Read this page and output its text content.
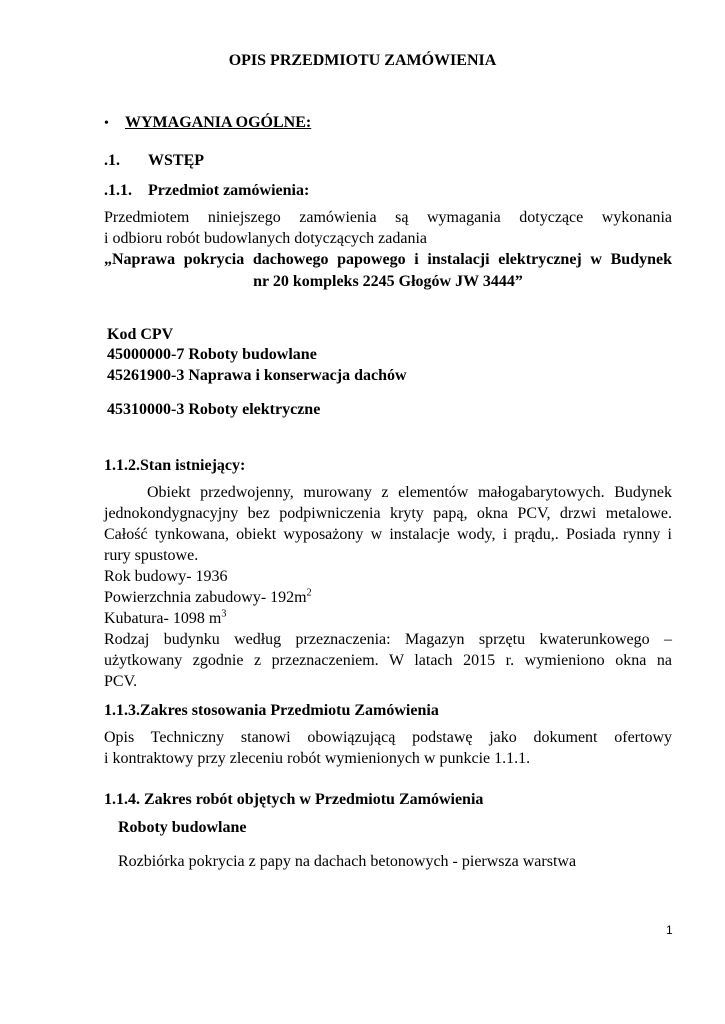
OPIS PRZEDMIOTU ZAMÓWIENIA
• WYMAGANIA OGÓLNE:
.1. WSTĘP
.1.1. Przedmiot zamówienia:
Przedmiotem niniejszego zamówienia są wymagania dotyczące wykonania
i odbioru robót budowlanych dotyczących zadania
„Naprawa pokrycia dachowego papowego i instalacji elektrycznej w Budynek
nr 20 kompleks 2245 Głogów JW 3444”
Kod CPV
45000000-7 Roboty budowlane
45261900-3 Naprawa i konserwacja dachów
45310000-3 Roboty elektryczne
1.1.2.Stan istniejący:
Obiekt przedwojenny, murowany z elementów małogabarytowych. Budynek
jednokondygnacyjny bez podpiwniczenia kryty papą, okna PCV, drzwi metalowe.
Całość tynkowana, obiekt wyposażony w instalacje wody, i prądu,. Posiada rynny i
rury spustowe.
Rok budowy- 1936
Powierzchnia zabudowy- $192m^2$
Kubatura- 1098 $m^3$
Rodzaj budynku według przeznaczenia: Magazyn sprzętu kwaterunkowego –
użytkowany zgodnie z przeznaczeniem. W latach 2015 r. wymieniono okna na
PCV.
1.1.3.Zakres stosowania Przedmiotu Zamówienia
Opis Techniczny stanowi obowiązującą podstawę jako dokument ofertowy
i kontraktowy przy zleceniu robót wymienionych w punkcie 1.1.1.
1.1.4. Zakres robót objętych w Przedmiotu Zamówienia
Roboty budowlane
Rozbiórka pokrycia z papy na dachach betonowych - pierwsza warstwa
1
